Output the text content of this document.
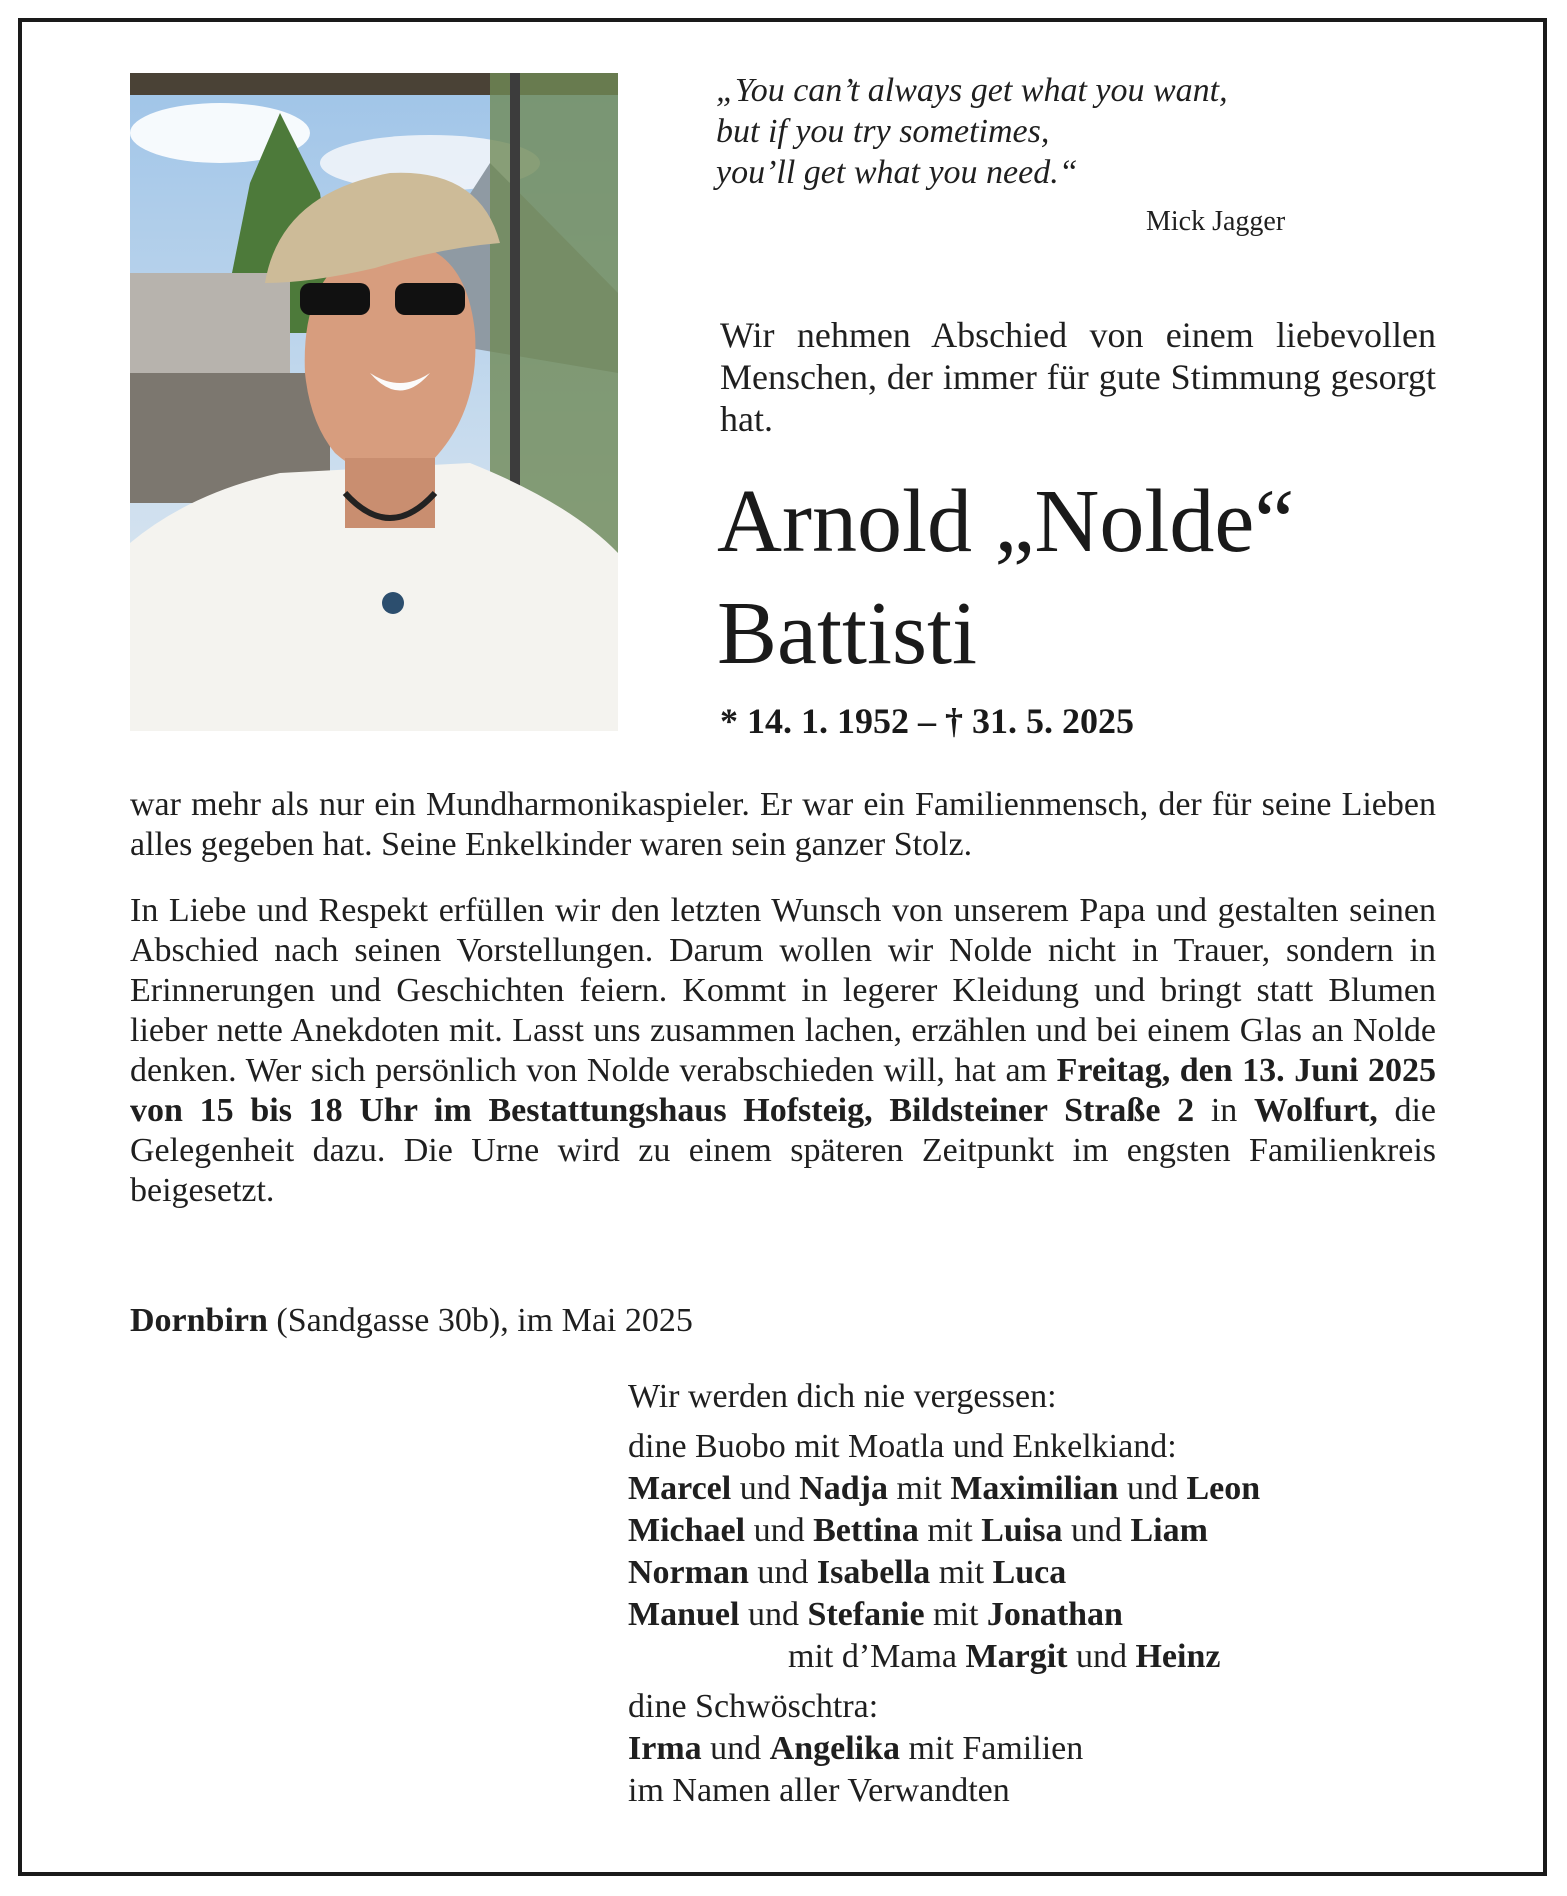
„You can’t always get what you want,
but if you try sometimes,
you’ll get what you need.“
Mick Jagger
Wir nehmen Abschied von einem liebevollen Menschen, der immer für gute Stimmung gesorgt hat.
Arnold „Nolde“
Battisti
* 14. 1. 1952 – † 31. 5. 2025
war mehr als nur ein Mundharmonikaspieler. Er war ein Familienmensch, der für seine Lieben alles gegeben hat. Seine Enkelkinder waren sein ganzer Stolz.
In Liebe und Respekt erfüllen wir den letzten Wunsch von unserem Papa und gestalten seinen Abschied nach seinen Vorstellungen. Darum wollen wir Nolde nicht in Trauer, sondern in Erinnerungen und Geschichten feiern. Kommt in legerer Kleidung und bringt statt Blumen lieber nette Anekdoten mit. Lasst uns zusammen lachen, erzählen und bei einem Glas an Nolde denken. Wer sich persönlich von Nolde verabschieden will, hat am Freitag, den 13. Juni 2025 von 15 bis 18 Uhr im Bestattungshaus Hofsteig, Bildsteiner Straße 2 in Wolfurt, die Gelegenheit dazu. Die Urne wird zu einem späteren Zeitpunkt im engsten Familienkreis beigesetzt.
Dornbirn (Sandgasse 30b), im Mai 2025
Wir werden dich nie vergessen:
dine Buobo mit Moatla und Enkelkiand:
Marcel und Nadja mit Maximilian und Leon
Michael und Bettina mit Luisa und Liam
Norman und Isabella mit Luca
Manuel und Stefanie mit Jonathan
mit d’Mama Margit und Heinz
dine Schwöschtra:
Irma und Angelika mit Familien
im Namen aller Verwandten
